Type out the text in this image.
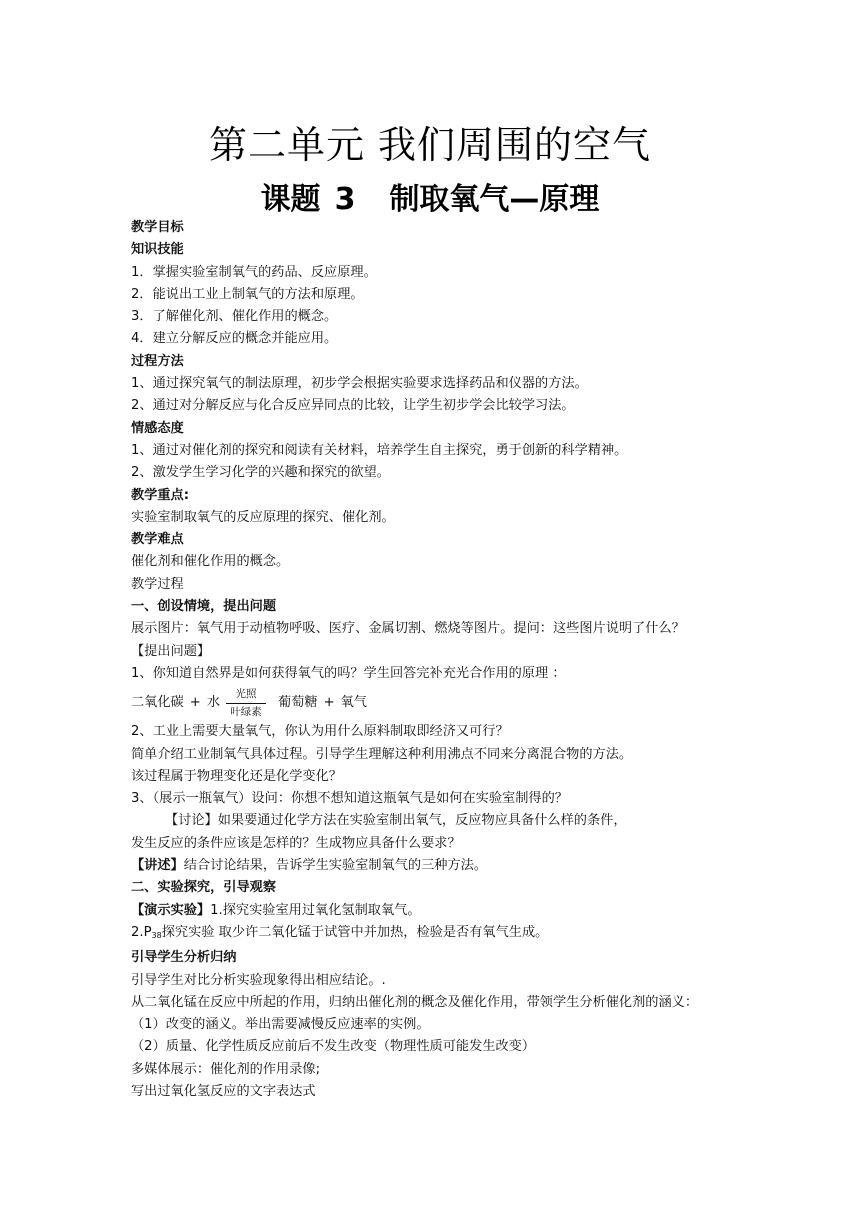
第二单元 我们周围的空气
课题 3 制取氧气—原理

教学目标

知识技能

1．掌握实验室制氧气的药品、反应原理。

2．能说出工业上制氧气的方法和原理。

3．了解催化剂、催化作用的概念。

4．建立分解反应的概念并能应用。

过程方法

1、通过探究氧气的制法原理，初步学会根据实验要求选择药品和仪器的方法。

2、通过对分解反应与化合反应异同点的比较，让学生初步学会比较学习法。

情感态度

1、通过对催化剂的探究和阅读有关材料，培养学生自主探究，勇于创新的科学精神。

2、激发学生学习化学的兴趣和探究的欲望。

教学重点:

实验室制取氧气的反应原理的探究、催化剂。

教学难点

催化剂和催化作用的概念。

教学过程

一、创设情境，提出问题

展示图片：氧气用于动植物呼吸、医疗、金属切割、燃烧等图片。提问：这些图片说明了什么？

【提出问题】

1、你知道自然界是如何获得氧气的吗？学生回答完补充光合作用的原理 ：

二氧化碳 + 水
光照
叶绿素
葡萄糖 + 氧气

2、工业上需要大量氧气，你认为用什么原料制取即经济又可行？

简单介绍工业制氧气具体过程。引导学生理解这种利用沸点不同来分离混合物的方法。

该过程属于物理变化还是化学变化？

3、（展示一瓶氧气）设问：你想不想知道这瓶氧气是如何在实验室制得的？

【讨论】如果要通过化学方法在实验室制出氧气，反应物应具备什么样的条件，

发生反应的条件应该是怎样的？生成物应具备什么要求？

【讲述】结合讨论结果，告诉学生实验室制氧气的三种方法。

二、实验探究，引导观察

【演示实验】1.探究实验室用过氧化氢制取氧气。

$2.P_{38}$探究实验 取少许二氧化锰于试管中并加热，检验是否有氧气生成。

引导学生分析归纳

引导学生对比分析实验现象得出相应结论。.

从二氧化锰在反应中所起的作用，归纳出催化剂的概念及催化作用，带领学生分析催化剂的涵义：

（1）改变的涵义。举出需要减慢反应速率的实例。

（2）质量、化学性质反应前后不发生改变（物理性质可能发生改变）

多媒体展示：催化剂的作用录像;

写出过氧化氢反应的文字表达式
